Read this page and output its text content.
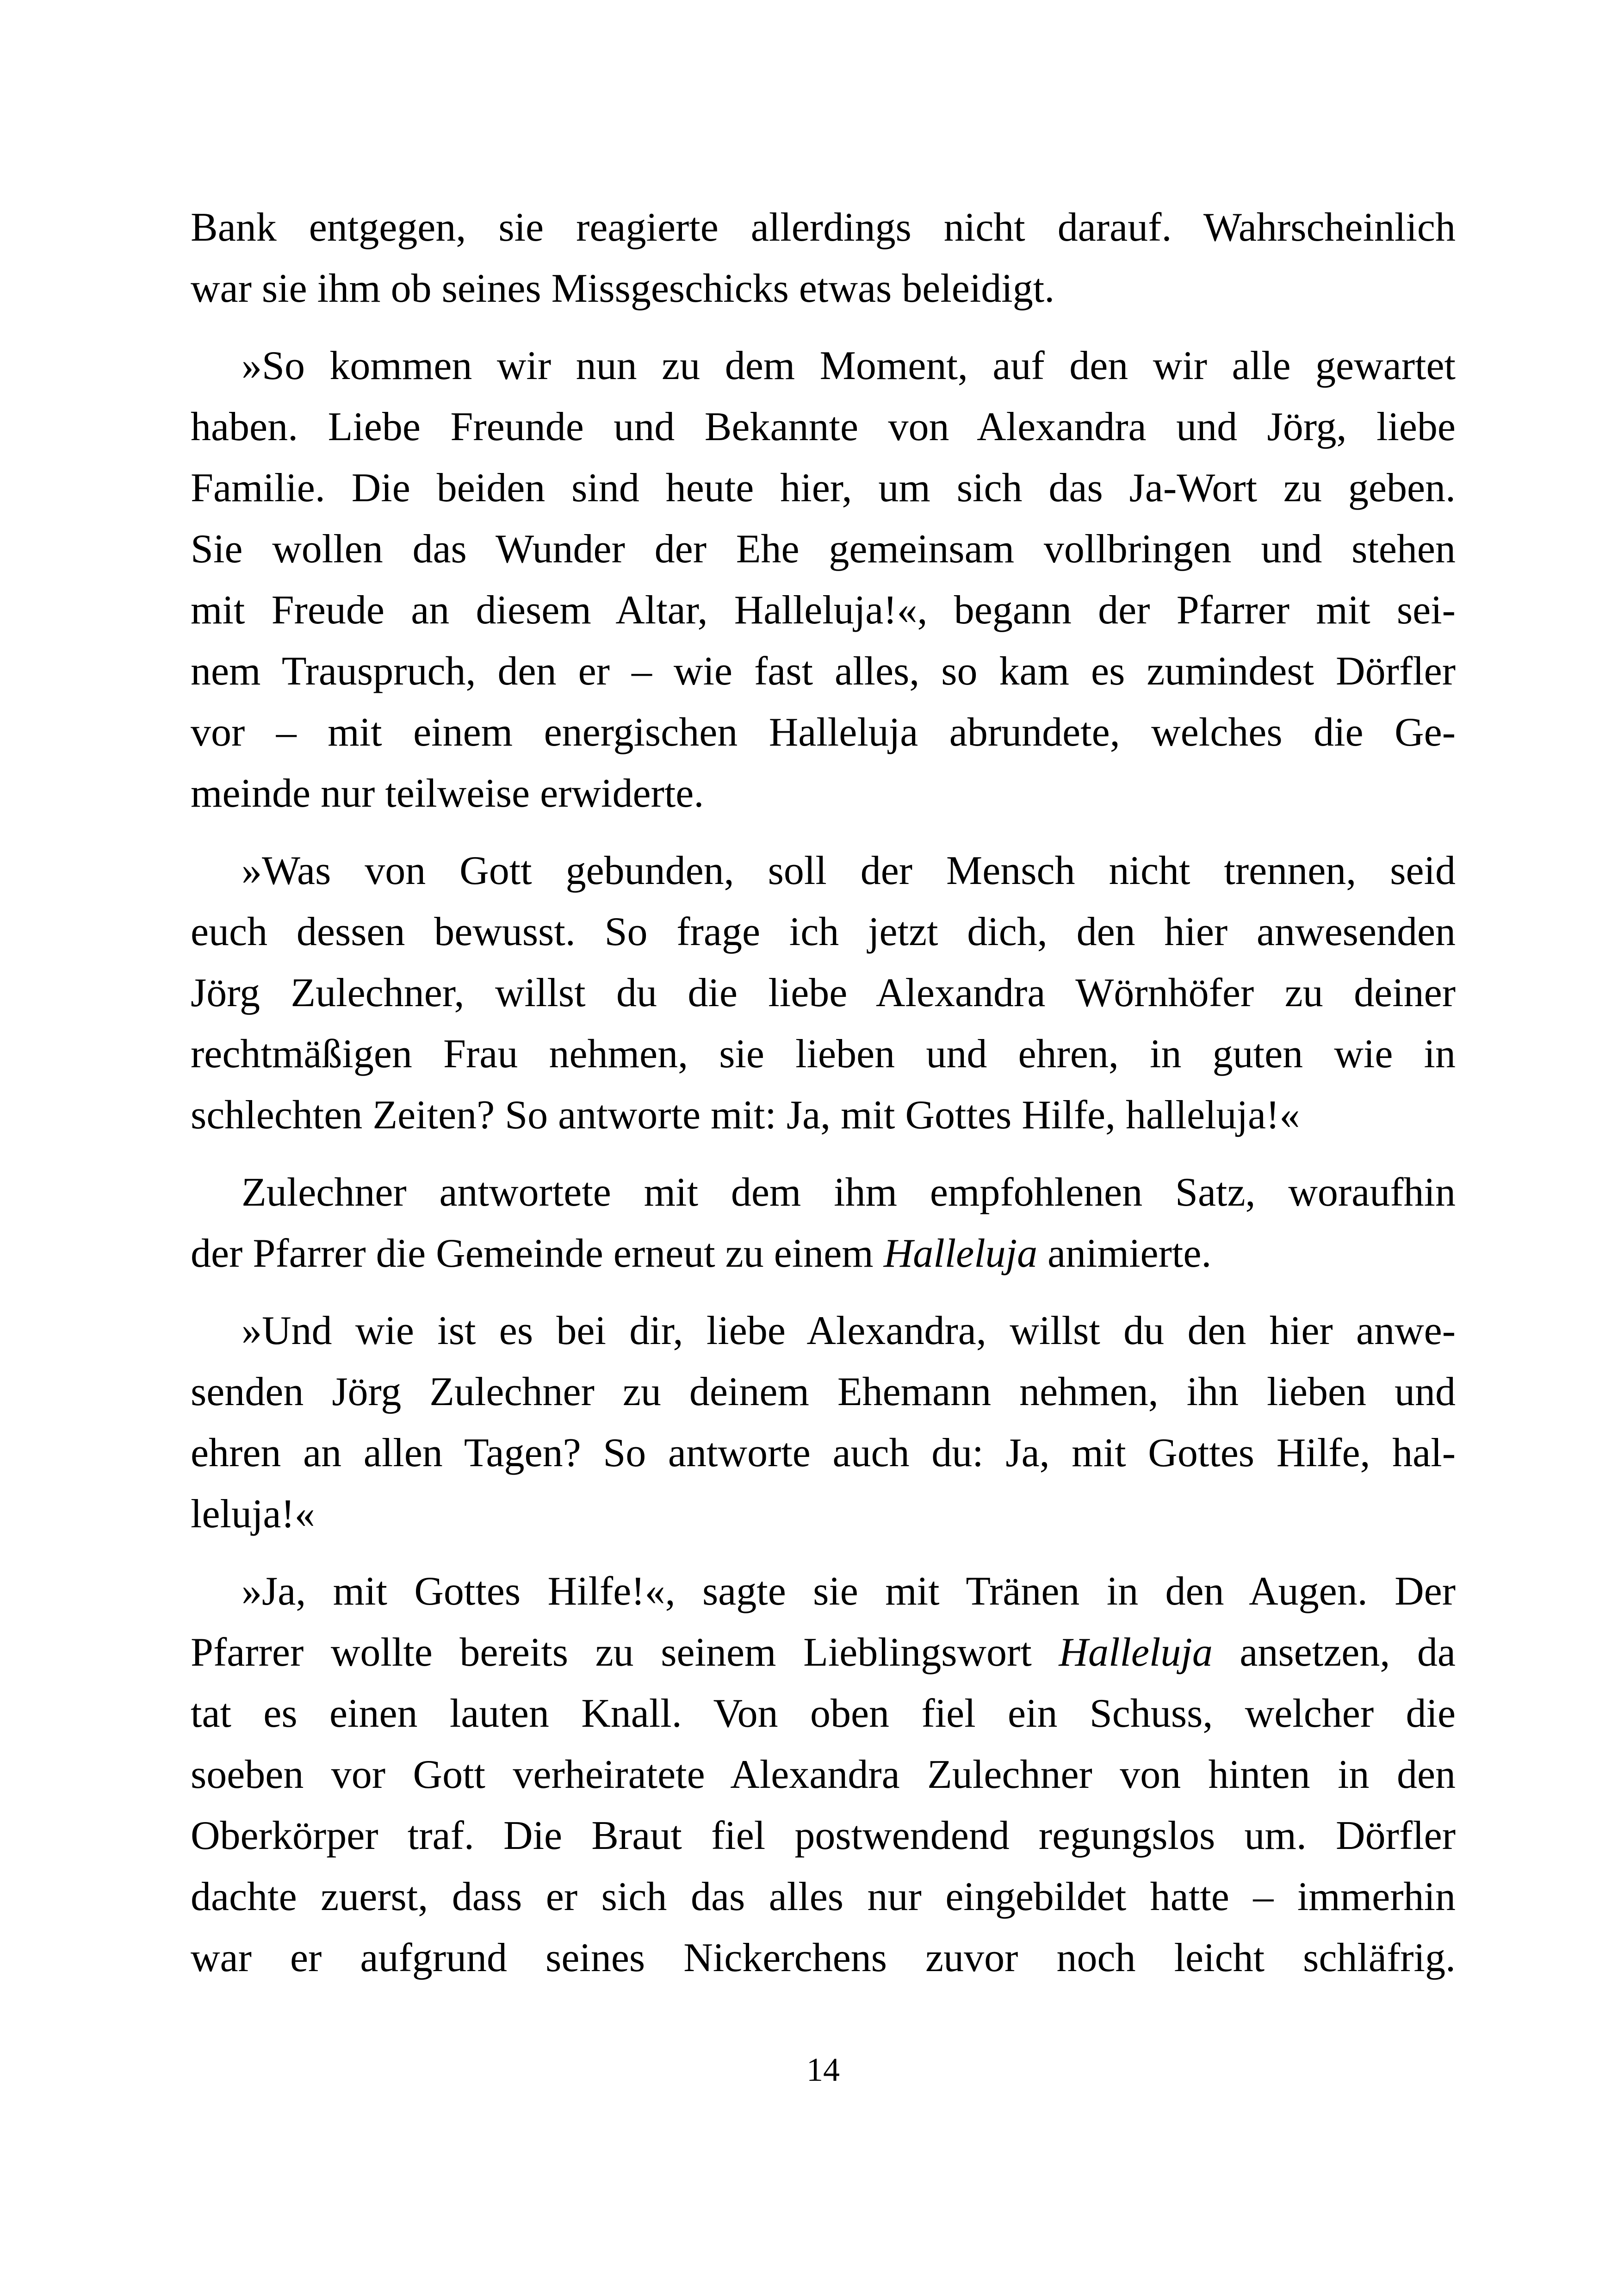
Bank entgegen, sie reagierte allerdings nicht darauf. Wahrscheinlich
war sie ihm ob seines Missgeschicks etwas beleidigt.
»So kommen wir nun zu dem Moment, auf den wir alle gewartet
haben. Liebe Freunde und Bekannte von Alexandra und Jörg, liebe
Familie. Die beiden sind heute hier, um sich das Ja-Wort zu geben.
Sie wollen das Wunder der Ehe gemeinsam vollbringen und stehen
mit Freude an diesem Altar, Halleluja!«, begann der Pfarrer mit sei-
nem Trauspruch, den er – wie fast alles, so kam es zumindest Dörfler
vor – mit einem energischen Halleluja abrundete, welches die Ge-
meinde nur teilweise erwiderte.
»Was von Gott gebunden, soll der Mensch nicht trennen, seid
euch dessen bewusst. So frage ich jetzt dich, den hier anwesenden
Jörg Zulechner, willst du die liebe Alexandra Wörnhöfer zu deiner
rechtmäßigen Frau nehmen, sie lieben und ehren, in guten wie in
schlechten Zeiten? So antworte mit: Ja, mit Gottes Hilfe, halleluja!«
Zulechner antwortete mit dem ihm empfohlenen Satz, woraufhin
der Pfarrer die Gemeinde erneut zu einem Halleluja animierte.
»Und wie ist es bei dir, liebe Alexandra, willst du den hier anwe-
senden Jörg Zulechner zu deinem Ehemann nehmen, ihn lieben und
ehren an allen Tagen? So antworte auch du: Ja, mit Gottes Hilfe, hal-
leluja!«
»Ja, mit Gottes Hilfe!«, sagte sie mit Tränen in den Augen. Der
Pfarrer wollte bereits zu seinem Lieblingswort Halleluja ansetzen, da
tat es einen lauten Knall. Von oben fiel ein Schuss, welcher die
soeben vor Gott verheiratete Alexandra Zulechner von hinten in den
Oberkörper traf. Die Braut fiel postwendend regungslos um. Dörfler
dachte zuerst, dass er sich das alles nur eingebildet hatte – immerhin
war er aufgrund seines Nickerchens zuvor noch leicht schläfrig.
14
